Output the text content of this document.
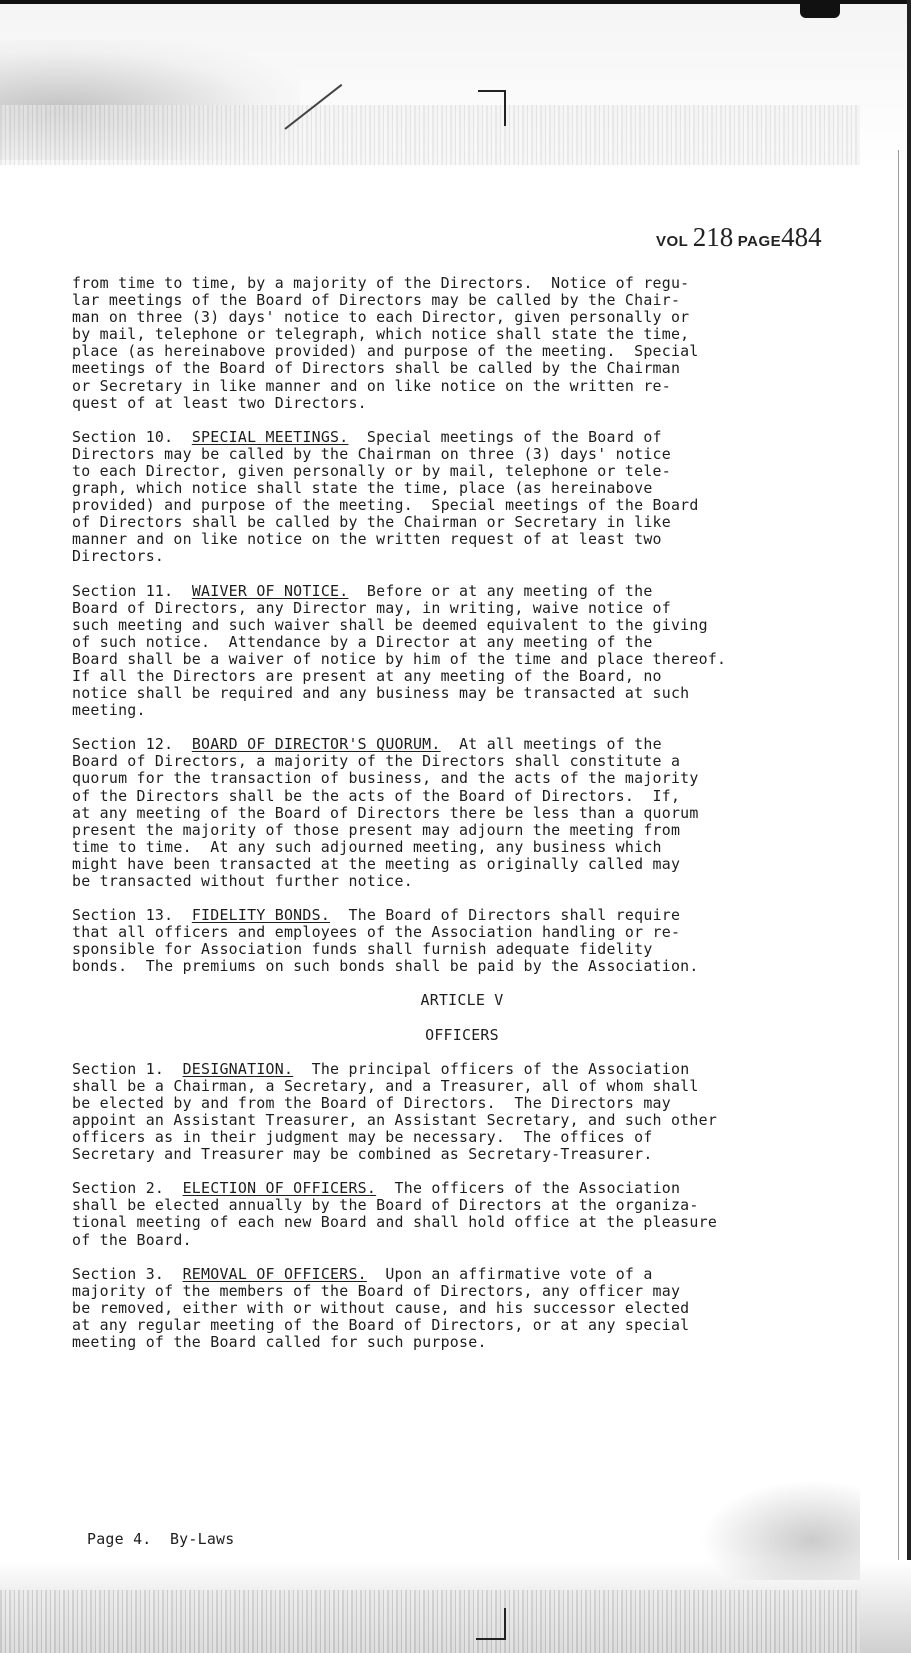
VOL 218 PAGE484
from time to time, by a majority of the Directors.  Notice of regu-
lar meetings of the Board of Directors may be called by the Chair-
man on three (3) days' notice to each Director, given personally or
by mail, telephone or telegraph, which notice shall state the time,
place (as hereinabove provided) and purpose of the meeting.  Special
meetings of the Board of Directors shall be called by the Chairman
or Secretary in like manner and on like notice on the written re-
quest of at least two Directors.
Section 10. SPECIAL MEETINGS. Special meetings of the Board of
Directors may be called by the Chairman on three (3) days' notice
to each Director, given personally or by mail, telephone or tele-
graph, which notice shall state the time, place (as hereinabove
provided) and purpose of the meeting.  Special meetings of the Board
of Directors shall be called by the Chairman or Secretary in like
manner and on like notice on the written request of at least two
Directors.
Section 11. WAIVER OF NOTICE. Before or at any meeting of the
Board of Directors, any Director may, in writing, waive notice of
such meeting and such waiver shall be deemed equivalent to the giving
of such notice.  Attendance by a Director at any meeting of the
Board shall be a waiver of notice by him of the time and place thereof.
If all the Directors are present at any meeting of the Board, no
notice shall be required and any business may be transacted at such
meeting.
Section 12. BOARD OF DIRECTOR'S QUORUM. At all meetings of the
Board of Directors, a majority of the Directors shall constitute a
quorum for the transaction of business, and the acts of the majority
of the Directors shall be the acts of the Board of Directors.  If,
at any meeting of the Board of Directors there be less than a quorum
present the majority of those present may adjourn the meeting from
time to time.  At any such adjourned meeting, any business which
might have been transacted at the meeting as originally called may
be transacted without further notice.
Section 13. FIDELITY BONDS. The Board of Directors shall require
that all officers and employees of the Association handling or re-
sponsible for Association funds shall furnish adequate fidelity
bonds.  The premiums on such bonds shall be paid by the Association.
ARTICLE V
OFFICERS
Section 1. DESIGNATION. The principal officers of the Association
shall be a Chairman, a Secretary, and a Treasurer, all of whom shall
be elected by and from the Board of Directors.  The Directors may
appoint an Assistant Treasurer, an Assistant Secretary, and such other
officers as in their judgment may be necessary.  The offices of
Secretary and Treasurer may be combined as Secretary-Treasurer.
Section 2. ELECTION OF OFFICERS. The officers of the Association
shall be elected annually by the Board of Directors at the organiza-
tional meeting of each new Board and shall hold office at the pleasure
of the Board.
Section 3. REMOVAL OF OFFICERS. Upon an affirmative vote of a
majority of the members of the Board of Directors, any officer may
be removed, either with or without cause, and his successor elected
at any regular meeting of the Board of Directors, or at any special
meeting of the Board called for such purpose.
Page 4. By-Laws
